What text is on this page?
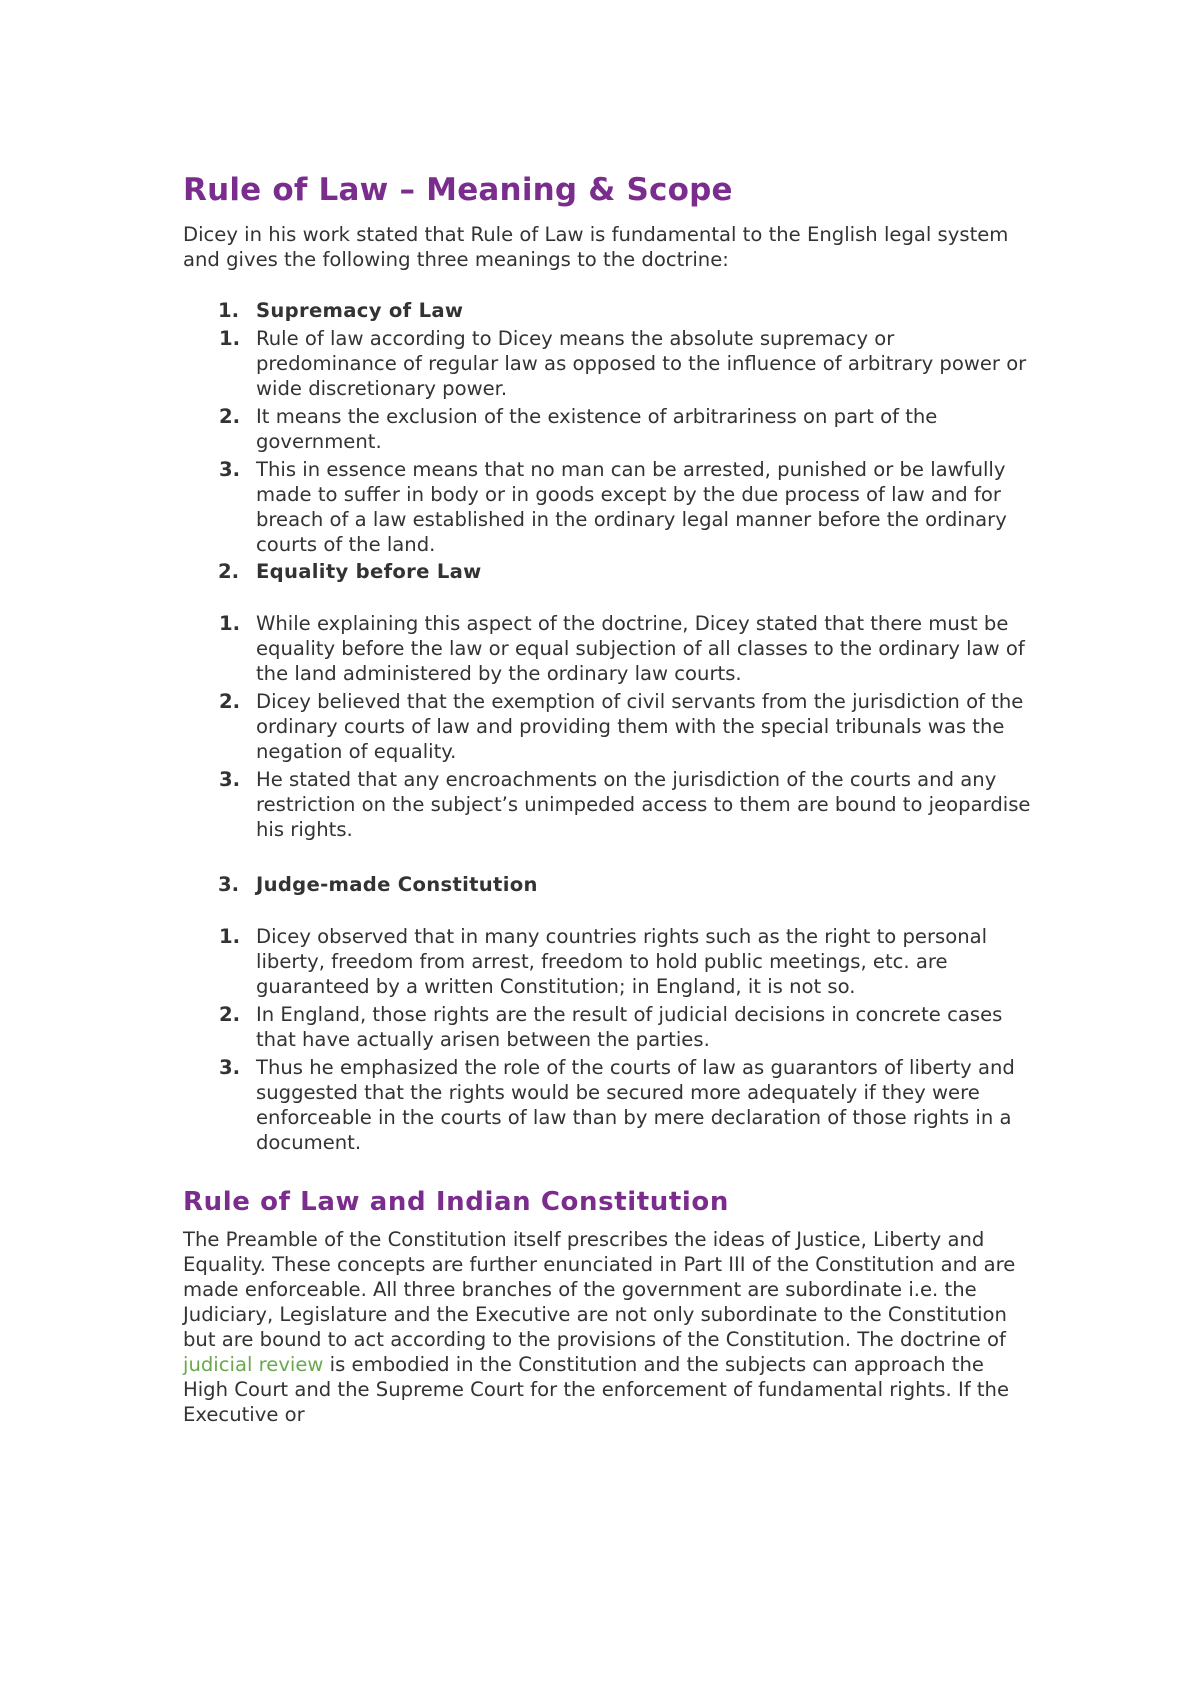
Rule of Law – Meaning & Scope

Dicey in his work stated that Rule of Law is fundamental to the English legal system and gives the following three meanings to the doctrine:

1. Supremacy of Law
1. Rule of law according to Dicey means the absolute supremacy or predominance of regular law as opposed to the influence of arbitrary power or wide discretionary power.
2. It means the exclusion of the existence of arbitrariness on part of the government.
3. This in essence means that no man can be arrested, punished or be lawfully made to suffer in body or in goods except by the due process of law and for breach of a law established in the ordinary legal manner before the ordinary courts of the land.
2. Equality before Law
1. While explaining this aspect of the doctrine, Dicey stated that there must be equality before the law or equal subjection of all classes to the ordinary law of the land administered by the ordinary law courts.
2. Dicey believed that the exemption of civil servants from the jurisdiction of the ordinary courts of law and providing them with the special tribunals was the negation of equality.
3. He stated that any encroachments on the jurisdiction of the courts and any restriction on the subject’s unimpeded access to them are bound to jeopardise his rights.
3. Judge-made Constitution
1. Dicey observed that in many countries rights such as the right to personal liberty, freedom from arrest, freedom to hold public meetings, etc. are guaranteed by a written Constitution; in England, it is not so.
2. In England, those rights are the result of judicial decisions in concrete cases that have actually arisen between the parties.
3. Thus he emphasized the role of the courts of law as guarantors of liberty and suggested that the rights would be secured more adequately if they were enforceable in the courts of law than by mere declaration of those rights in a document.
Rule of Law and Indian Constitution

The Preamble of the Constitution itself prescribes the ideas of Justice, Liberty and Equality. These concepts are further enunciated in Part III of the Constitution and are made enforceable. All three branches of the government are subordinate i.e. the Judiciary, Legislature and the Executive are not only subordinate to the Constitution but are bound to act according to the provisions of the Constitution. The doctrine of judicial review is embodied in the Constitution and the subjects can approach the High Court and the Supreme Court for the enforcement of fundamental rights. If the Executive or
